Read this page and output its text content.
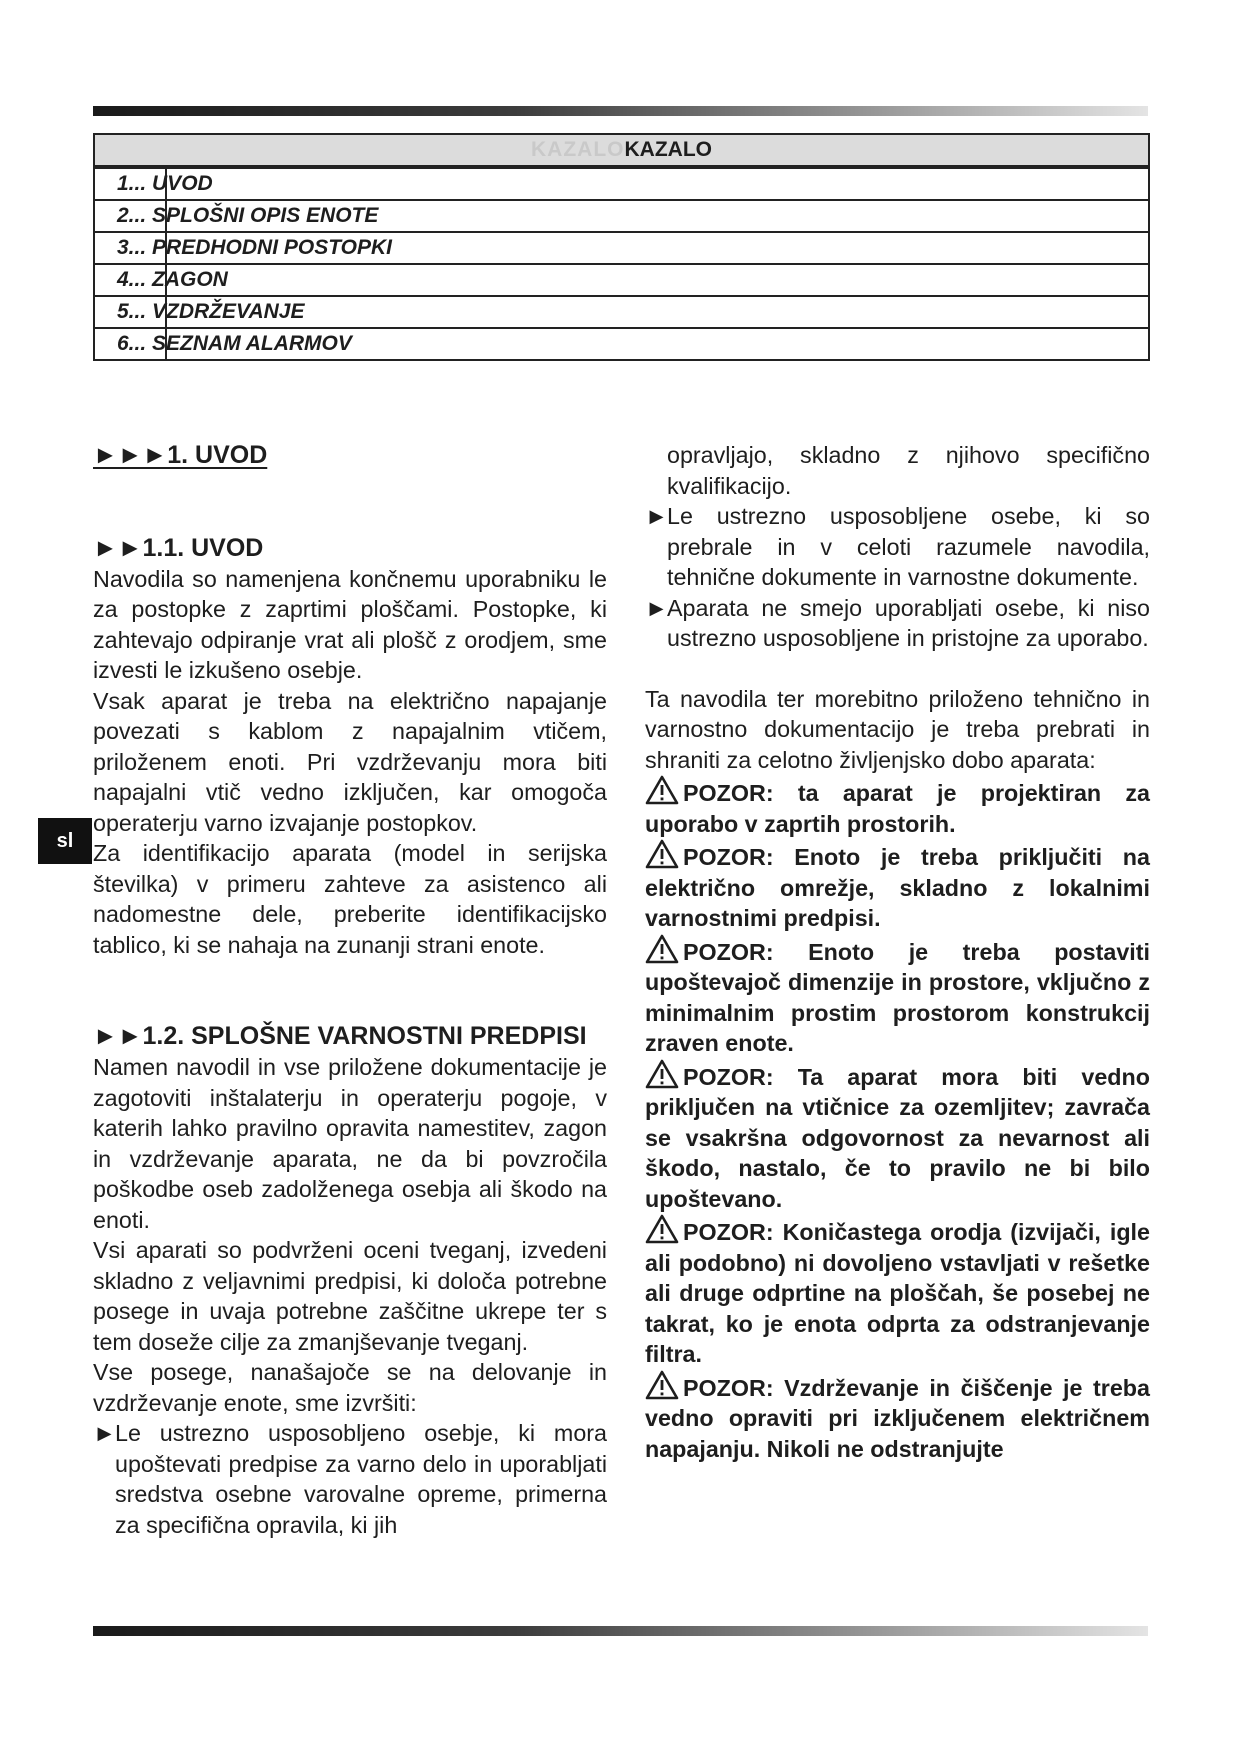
KAZALOKAZALO
1... UVOD
2... SPLOŠNI OPIS ENOTE
3... PREDHODNI POSTOPKI
4... ZAGON
5... VZDRŽEVANJE
6... SEZNAM ALARMOV
sl

►►►1. UVOD

►►1.1. UVOD

Navodila so namenjena končnemu uporabniku le za postopke z zaprtimi ploščami. Postopke, ki zahtevajo odpiranje vrat ali plošč z orodjem, sme izvesti le izkušeno osebje.

Vsak aparat je treba na električno napajanje povezati s kablom z napajalnim vtičem, priloženem enoti. Pri vzdrževanju mora biti napajalni vtič vedno izključen, kar omogoča operaterju varno izvajanje postopkov.

Za identifikacijo aparata (model in serijska številka) v primeru zahteve za asistenco ali nadomestne dele, preberite identifikacijsko tablico, ki se nahaja na zunanji strani enote.

►►1.2. SPLOŠNE VARNOSTNI PREDPISI

Namen navodil in vse priložene dokumentacije je zagotoviti inštalaterju in operaterju pogoje, v katerih lahko pravilno opravita namestitev, zagon in vzdrževanje aparata, ne da bi povzročila poškodbe oseb zadolženega osebja ali škodo na enoti.

Vsi aparati so podvrženi oceni tveganj, izvedeni skladno z veljavnimi predpisi, ki določa potrebne posege in uvaja potrebne zaščitne ukrepe ter s tem doseže cilje za zmanjševanje tveganj.

Vse posege, nanašajoče se na delovanje in vzdrževanje enote, sme izvršiti:

►
Le ustrezno usposobljeno osebje, ki mora upoštevati predpise za varno delo in uporabljati sredstva osebne varovalne opreme, primerna za specifična opravila, ki jih

opravljajo, skladno z njihovo specifično kvalifikacijo.

►
Le ustrezno usposobljene osebe, ki so prebrale in v celoti razumele navodila, tehnične dokumente in varnostne dokumente.
►
Aparata ne smejo uporabljati osebe, ki niso ustrezno usposobljene in pristojne za uporabo.

Ta navodila ter morebitno priloženo tehnično in varnostno dokumentacijo je treba prebrati in shraniti za celotno življenjsko dobo aparata:

POZOR: ta aparat je projektiran za uporabo v zaprtih prostorih.

POZOR: Enoto je treba priključiti na električno omrežje, skladno z lokalnimi varnostnimi predpisi.

POZOR: Enoto je treba postaviti upoštevajoč dimenzije in prostore, vključno z minimalnim prostim prostorom konstrukcij zraven enote.

POZOR: Ta aparat mora biti vedno priključen na vtičnice za ozemljitev; zavrača se vsakršna odgovornost za nevarnost ali škodo, nastalo, če to pravilo ne bi bilo upoštevano.

POZOR: Koničastega orodja (izvijači, igle ali podobno) ni dovoljeno vstavljati v rešetke ali druge odprtine na ploščah, še posebej ne takrat, ko je enota odprta za odstranjevanje filtra.

POZOR: Vzdrževanje in čiščenje je treba vedno opraviti pri izključenem električnem napajanju. Nikoli ne odstranjujte
